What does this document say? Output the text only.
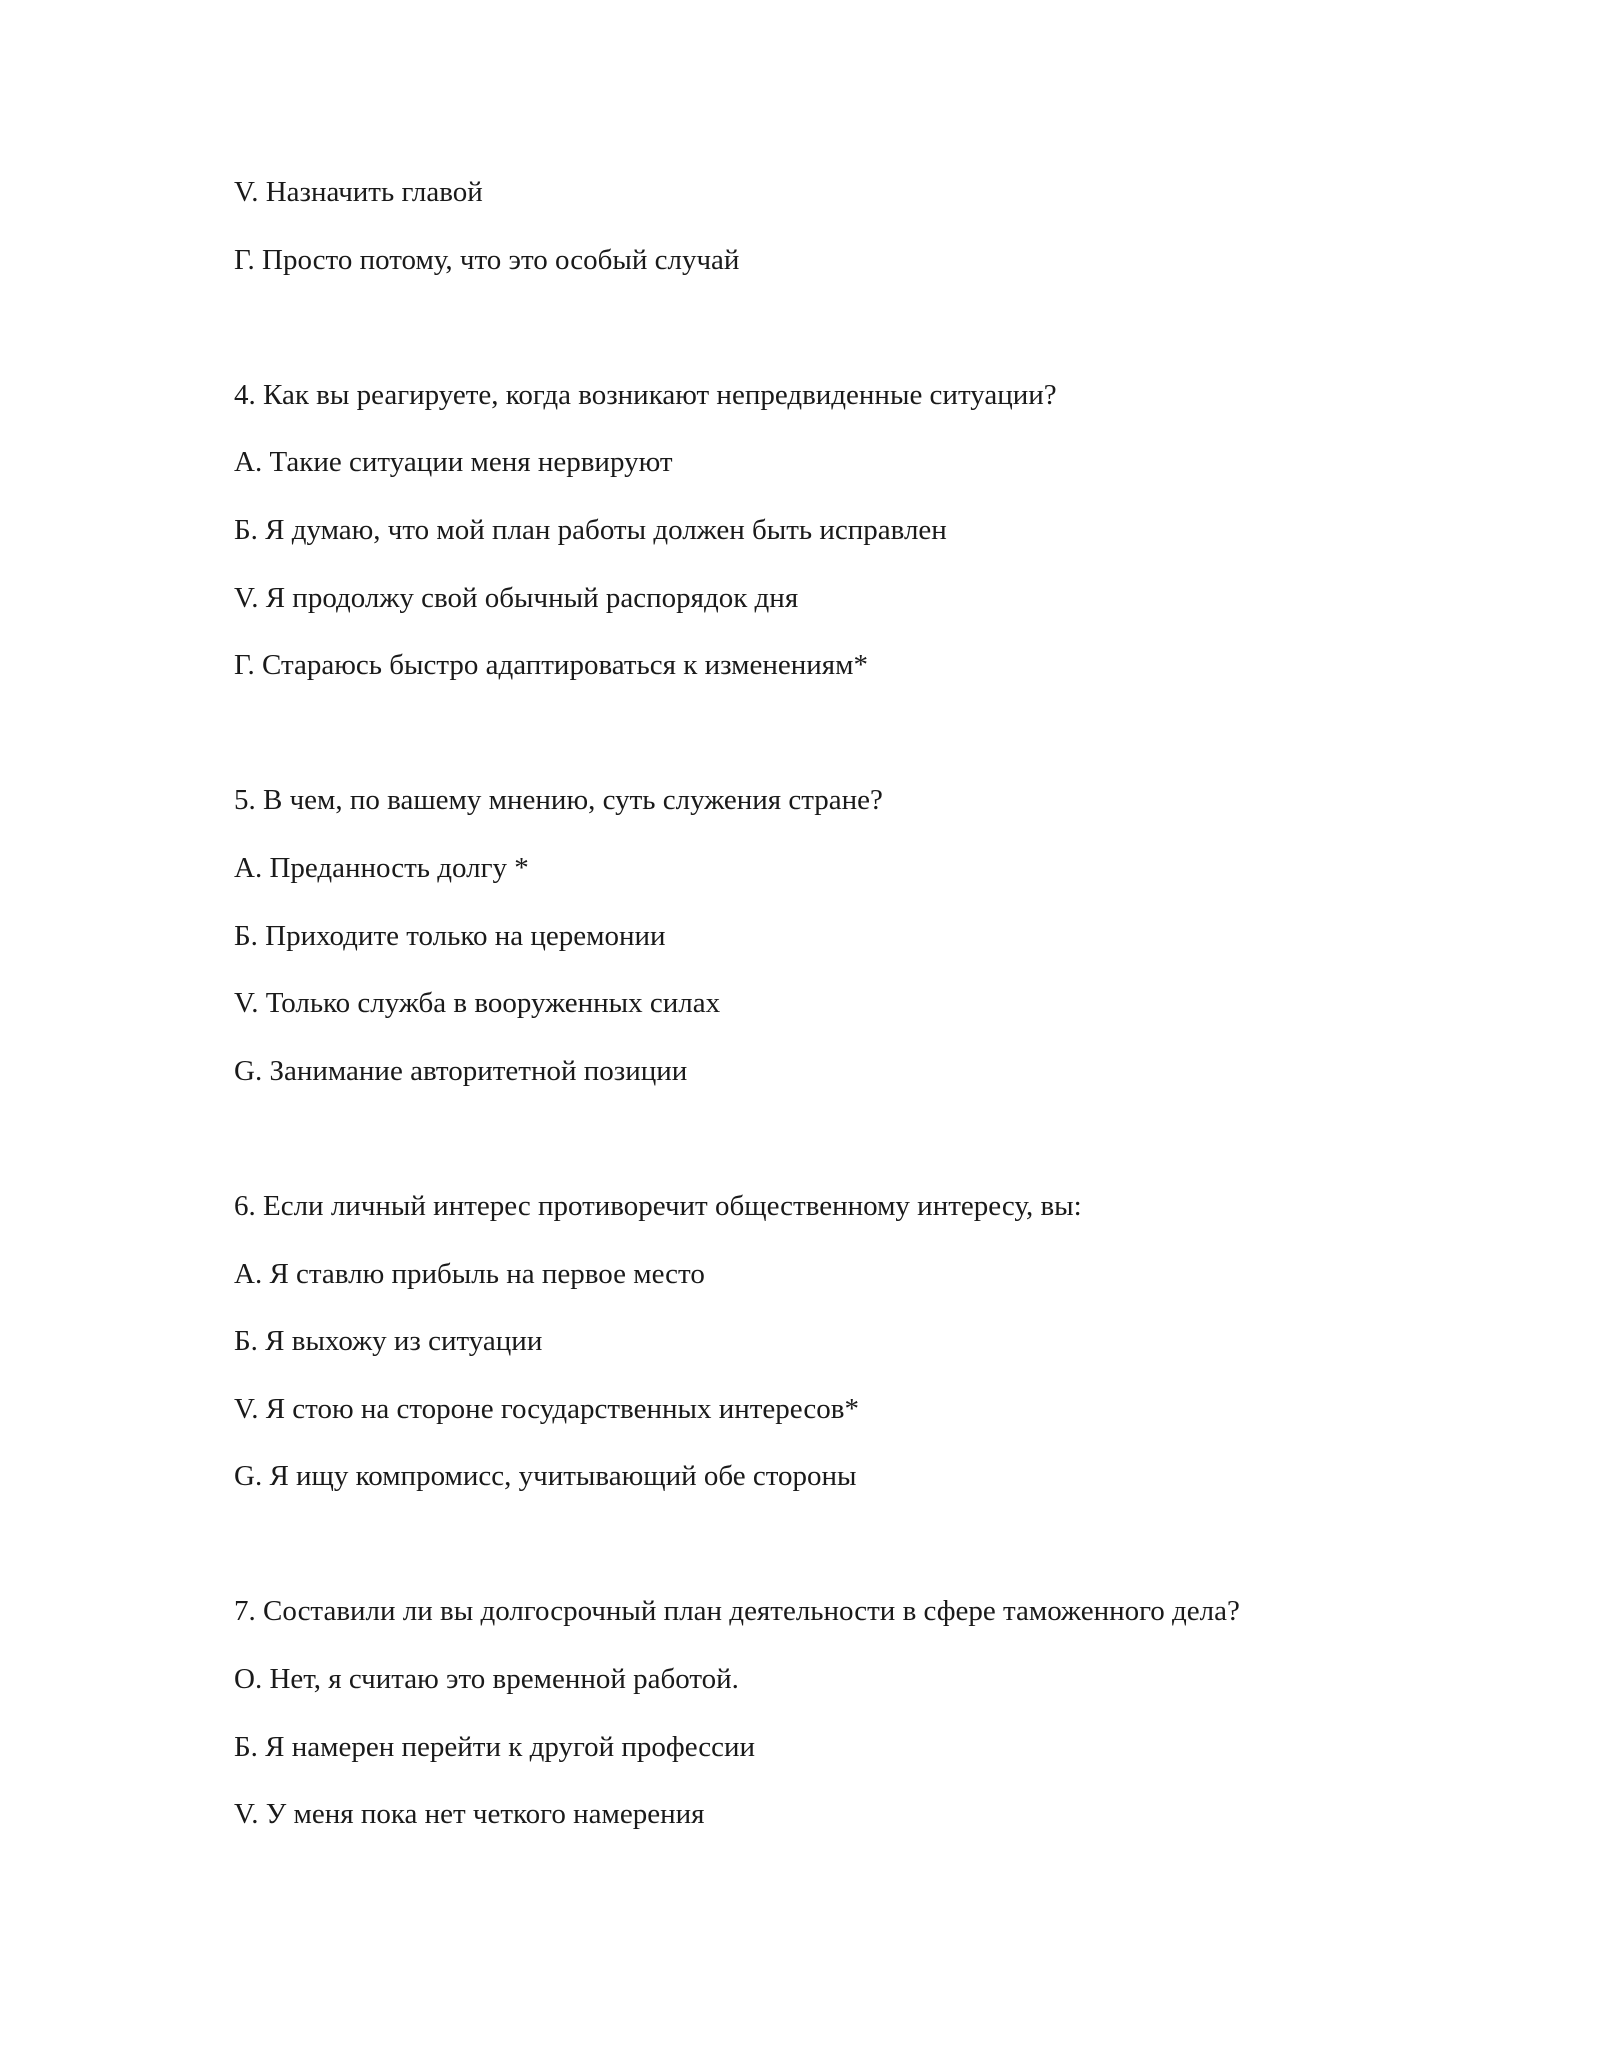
V. Назначить главой
Г. Просто потому, что это особый случай
4. Как вы реагируете, когда возникают непредвиденные ситуации?
А. Такие ситуации меня нервируют
Б. Я думаю, что мой план работы должен быть исправлен
V. Я продолжу свой обычный распорядок дня
Г. Стараюсь быстро адаптироваться к изменениям*
5. В чем, по вашему мнению, суть служения стране?
А. Преданность долгу *
Б. Приходите только на церемонии
V. Только служба в вооруженных силах
G. Занимание авторитетной позиции
6. Если личный интерес противоречит общественному интересу, вы:
А. Я ставлю прибыль на первое место
Б. Я выхожу из ситуации
V. Я стою на стороне государственных интересов*
G. Я ищу компромисс, учитывающий обе стороны
7. Составили ли вы долгосрочный план деятельности в сфере таможенного дела?
О. Нет, я считаю это временной работой.
Б. Я намерен перейти к другой профессии
V. У меня пока нет четкого намерения
